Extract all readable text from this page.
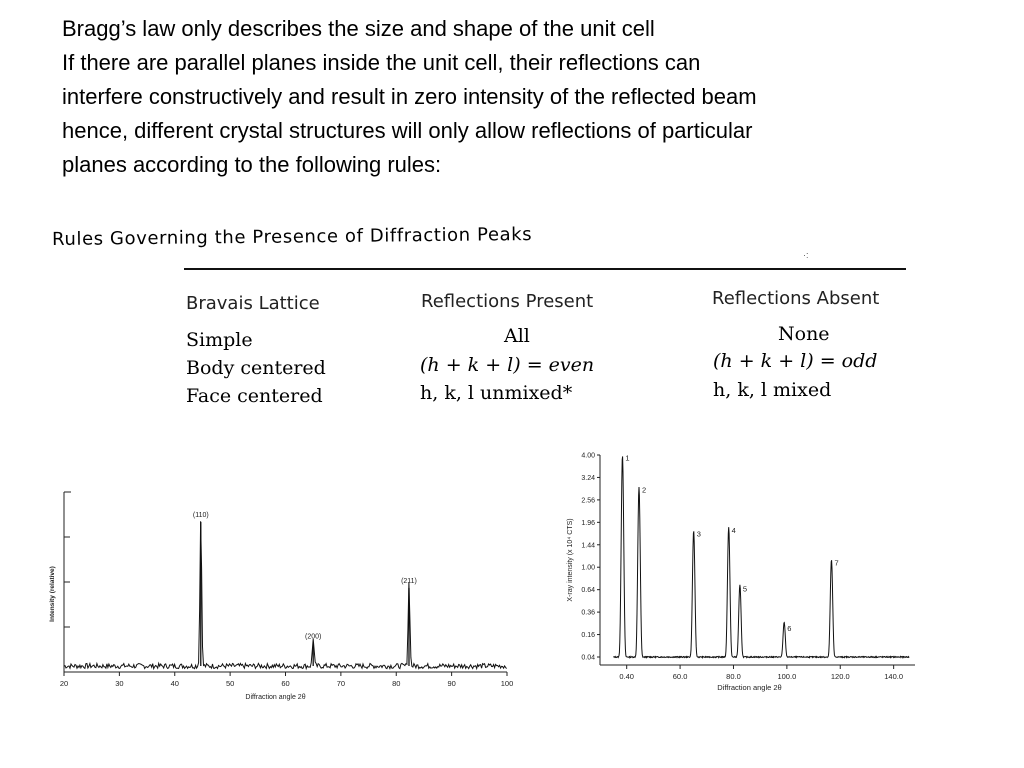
Bragg’s law only describes the size and shape of the unit cell
If there are parallel planes inside the unit cell, their reflections can
interfere constructively and result in zero intensity of the reflected beam
hence, different crystal structures will only allow reflections of particular
planes according to the following rules:
Rules Governing the Presence of Diffraction Peaks
·:
Bravais Lattice	Reflections Present	Reflections Absent
Simple	All	None
Body centered	(h + k + l) = even	(h + k + l) = odd
Face centered	h, k, l unmixed*	h, k, l mixed
20	30	40	50	60	70	80	90	100
Diffraction angle 2θ
Intensity (relative)
(110)
(200)
(211)
0.04
0.16
0.36
0.64
1.00
1.44
1.96
2.56
3.24
4.00
0.40	60.0	80.0	100.0	120.0	140.0
Diffraction angle 2θ
X-ray intensity (x 10⁴ CTS)
1
2
3	4
5
6
7
